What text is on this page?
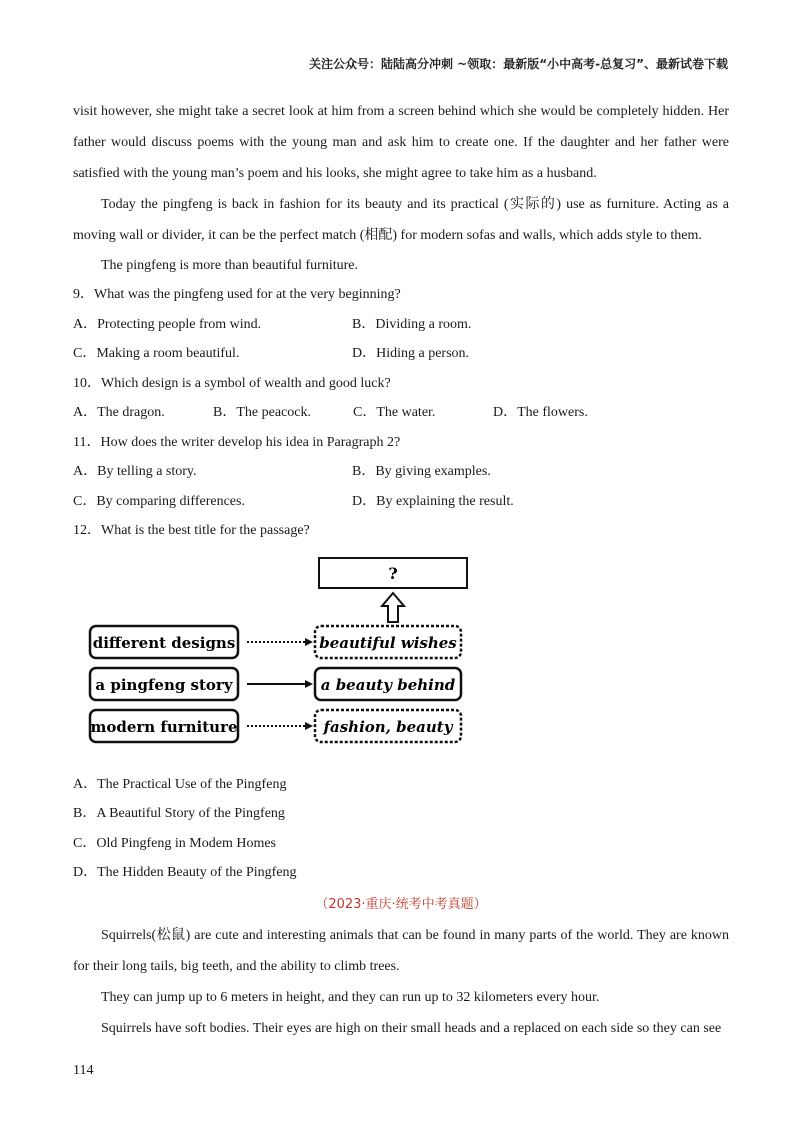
关注公众号：陆陆高分冲刺 ~领取：最新版“小中高考-总复习”、最新试卷下载

visit however, she might take a secret look at him from a screen behind which she would be completely hidden. Her father would discuss poems with the young man and ask him to create one. If the daughter and her father were satisfied with the young man’s poem and his looks, she might agree to take him as a husband.

Today the pingfeng is back in fashion for its beauty and its practical (实际的) use as furniture. Acting as a moving wall or divider, it can be the perfect match (相配) for modern sofas and walls, which adds style to them.

The pingfeng is more than beautiful furniture.

9．What was the pingfeng used for at the very beginning?

A．Protecting people from wind.	B．Dividing a room.
C．Making a room beautiful.	D．Hiding a person.

10．Which design is a symbol of wealth and good luck?

A．The dragon.	B．The peacock.	C．The water.	D．The flowers.

11．How does the writer develop his idea in Paragraph 2?

A．By telling a story.	B．By giving examples.
C．By comparing differences.	D．By explaining the result.

12．What is the best title for the passage?

?
different designs
a pingfeng story
modern furniture
beautiful wishes
a beauty behind
fashion, beauty

A．The Practical Use of the Pingfeng

B．A Beautiful Story of the Pingfeng

C．Old Pingfeng in Modem Homes

D．The Hidden Beauty of the Pingfeng

（2023·重庆·统考中考真题）

Squirrels(松鼠) are cute and interesting animals that can be found in many parts of the world. They are known for their long tails, big teeth, and the ability to climb trees.

They can jump up to 6 meters in height, and they can run up to 32 kilometers every hour.

Squirrels have soft bodies. Their eyes are high on their small heads and a replaced on each side so they can see

114
